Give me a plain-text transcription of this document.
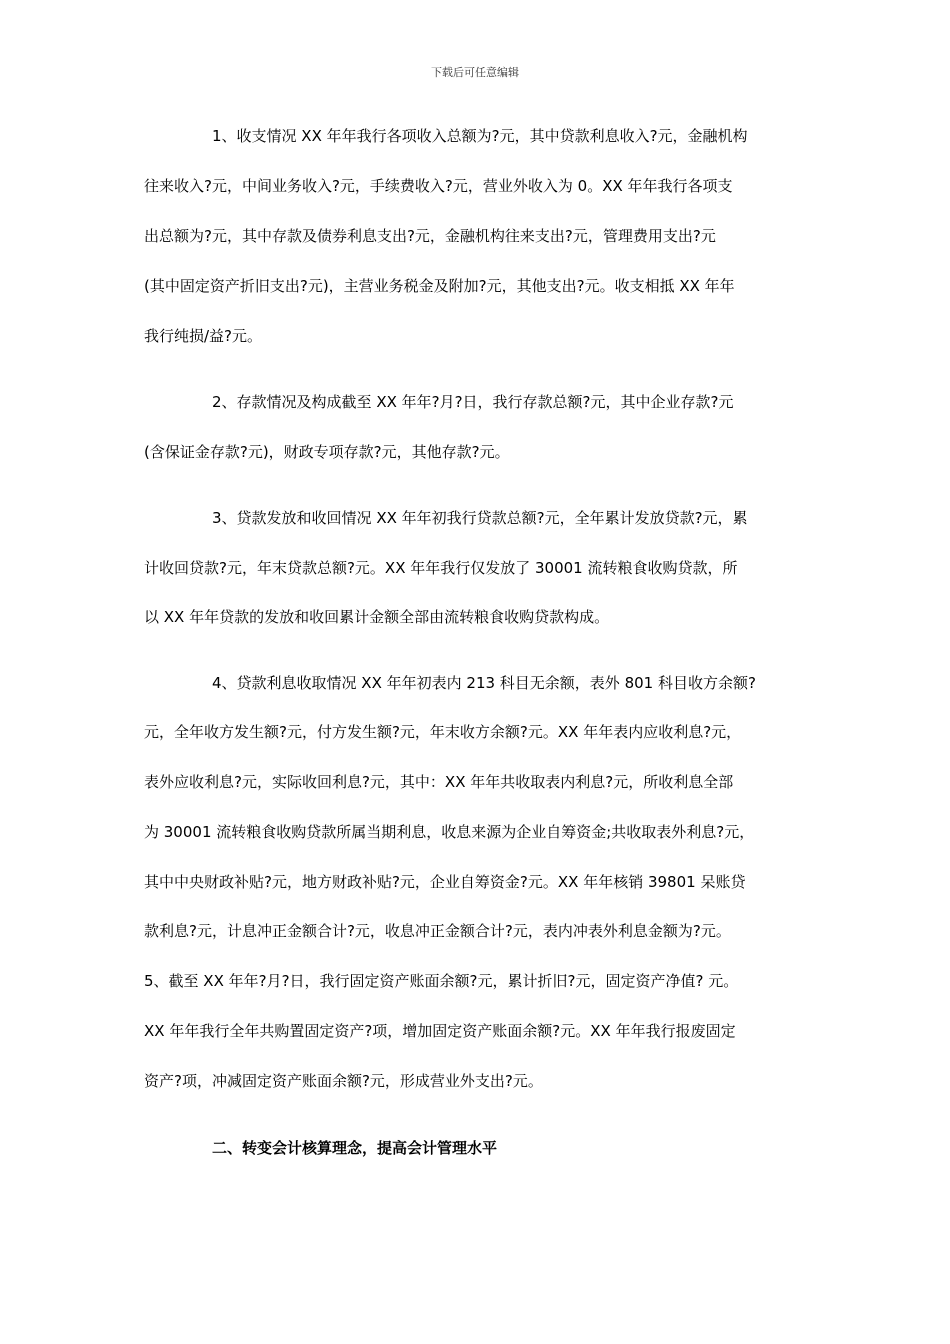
下载后可任意编辑
1、收支情况 XX 年年我行各项收入总额为?元，其中贷款利息收入?元，金融机构
往来收入?元，中间业务收入?元，手续费收入?元，营业外收入为 0。XX 年年我行各项支
出总额为?元，其中存款及债券利息支出?元，金融机构往来支出?元，管理费用支出?元
(其中固定资产折旧支出?元)，主营业务税金及附加?元，其他支出?元。收支相抵 XX 年年
我行纯损/益?元。
2、存款情况及构成截至 XX 年年?月?日，我行存款总额?元，其中企业存款?元
(含保证金存款?元)，财政专项存款?元，其他存款?元。
3、贷款发放和收回情况 XX 年年初我行贷款总额?元，全年累计发放贷款?元，累
计收回贷款?元，年末贷款总额?元。XX 年年我行仅发放了 30001 流转粮食收购贷款，所
以 XX 年年贷款的发放和收回累计金额全部由流转粮食收购贷款构成。
4、贷款利息收取情况 XX 年年初表内 213 科目无余额，表外 801 科目收方余额?
元，全年收方发生额?元，付方发生额?元，年末收方余额?元。XX 年年表内应收利息?元，
表外应收利息?元，实际收回利息?元，其中：XX 年年共收取表内利息?元，所收利息全部
为 30001 流转粮食收购贷款所属当期利息，收息来源为企业自筹资金;共收取表外利息?元，
其中中央财政补贴?元，地方财政补贴?元，企业自筹资金?元。XX 年年核销 39801 呆账贷
款利息?元，计息冲正金额合计?元，收息冲正金额合计?元，表内冲表外利息金额为?元。
5、截至 XX 年年?月?日，我行固定资产账面余额?元，累计折旧?元，固定资产净值? 元。
XX 年年我行全年共购置固定资产?项，增加固定资产账面余额?元。XX 年年我行报废固定
资产?项，冲减固定资产账面余额?元，形成营业外支出?元。
二、转变会计核算理念，提高会计管理水平
